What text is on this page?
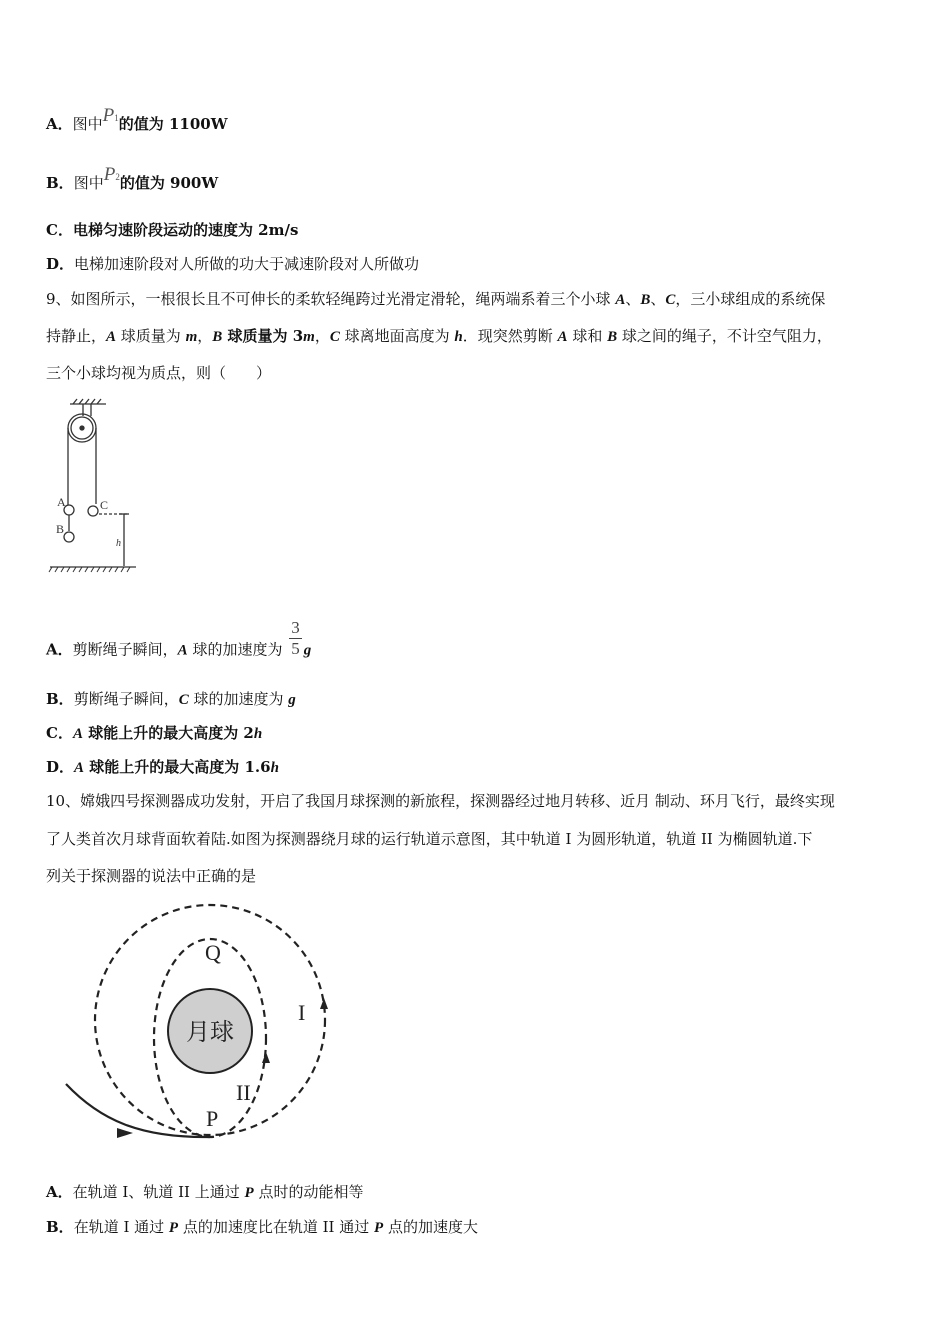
A．图中P1的值为 1100W
B．图中P2的值为 900W
C．电梯匀速阶段运动的速度为 2m/s
D．电梯加速阶段对人所做的功大于减速阶段对人所做功
9、如图所示，一根很长且不可伸长的柔软轻绳跨过光滑定滑轮，绳两端系着三个小球 A、B、C，三小球组成的系统保
持静止，A 球质量为 m，B 球质量为 3m，C 球离地面高度为 h．现突然剪断 A 球和 B 球之间的绳子，不计空气阻力，
三个小球均视为质点，则（　　）
A
B
C
h
A．剪断绳子瞬间，A 球的加速度为 $\frac{3}{5}$ g
B．剪断绳子瞬间，C 球的加速度为 g
C．A 球能上升的最大高度为 2h
D．A 球能上升的最大高度为 1.6h
10、嫦娥四号探测器成功发射，开启了我国月球探测的新旅程，探测器经过地月转移、近月 制动、环月飞行，最终实现
了人类首次月球背面软着陆.如图为探测器绕月球的运行轨道示意图，其中轨道 I 为圆形轨道，轨道 II 为椭圆轨道.下
列关于探测器的说法中正确的是
月球
Q
P
I
II
A．在轨道 I、轨道 II 上通过 P 点时的动能相等
B．在轨道 I 通过 P 点的加速度比在轨道 II 通过 P 点的加速度大
